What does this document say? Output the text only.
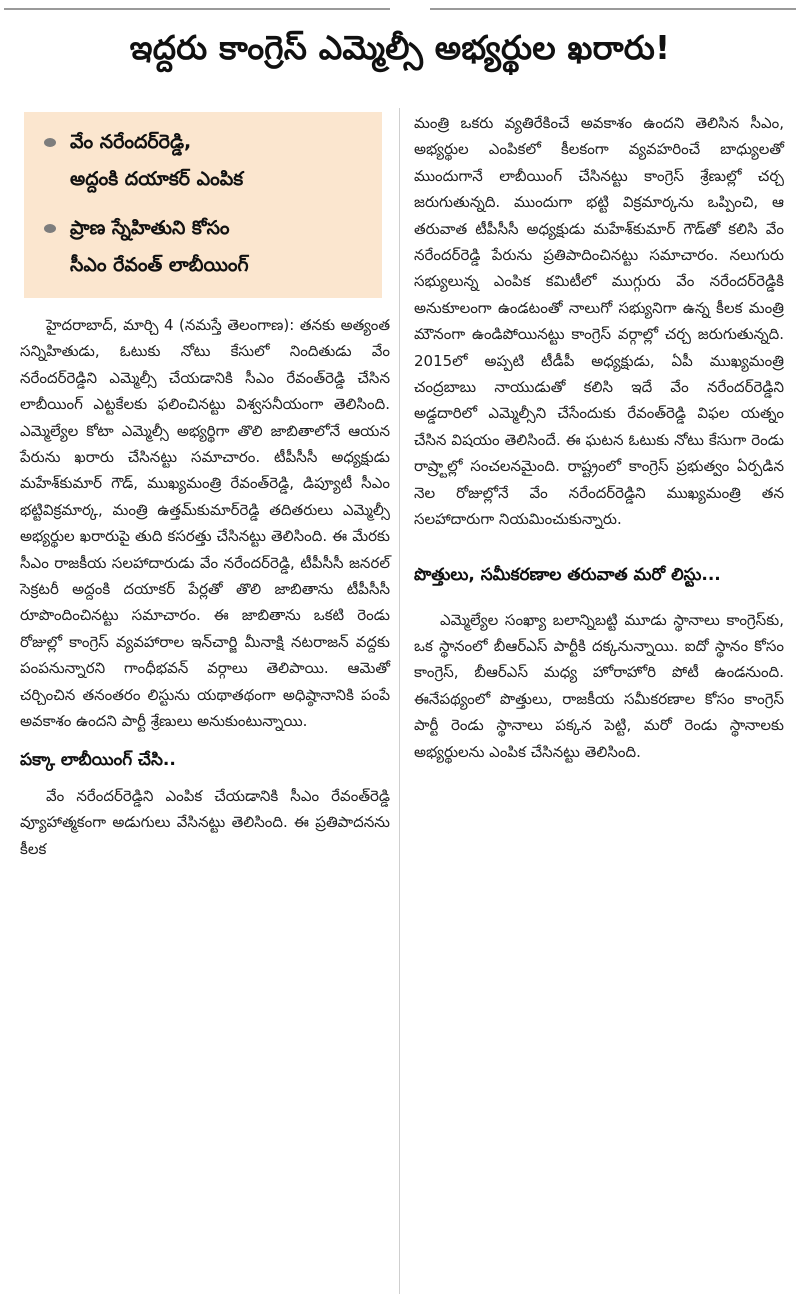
ఇద్దరు కాంగ్రెస్ ఎమ్మెల్సీ అభ్యర్థుల ఖరారు!
వేం నరేందర్‌రెడ్డి,
అద్దంకి దయాకర్ ఎంపిక
ప్రాణ స్నేహితుని కోసం
సీఎం రేవంత్ లాబీయింగ్

హైదరాబాద్, మార్చి 4 (నమస్తే తెలంగాణ): తనకు అత్యంత సన్నిహితుడు, ఓటుకు నోటు కేసులో నిందితుడు వేం నరేందర్‌రెడ్డిని ఎమ్మెల్సీ చేయడానికి సీఎం రేవంత్‌రెడ్డి చేసిన లాబీయింగ్ ఎట్టకేలకు ఫలించినట్టు విశ్వసనీయంగా తెలిసింది. ఎమ్మెల్యేల కోటా ఎమ్మెల్సీ అభ్యర్థిగా తొలి జాబితాలోనే ఆయన పేరును ఖరారు చేసినట్టు సమాచారం. టీపీసీసీ అధ్యక్షుడు మహేశ్‌కుమార్ గౌడ్, ముఖ్యమంత్రి రేవంత్‌రెడ్డి, డిప్యూటీ సీఎం భట్టివిక్రమార్క, మంత్రి ఉత్తమ్‌కుమార్‌రెడ్డి తదితరులు ఎమ్మెల్సీ అభ్యర్థుల ఖరారుపై తుది కసరత్తు చేసినట్టు తెలిసింది. ఈ మేరకు సీఎం రాజకీయ సలహాదారుడు వేం నరేందర్‌రెడ్డి, టీపీసీసీ జనరల్ సెక్రటరీ అద్దంకి దయాకర్ పేర్లతో తొలి జాబితాను టీపీసీసీ రూపొందించినట్టు సమాచారం. ఈ జాబితాను ఒకటి రెండు రోజుల్లో కాంగ్రెస్ వ్యవహారాల ఇన్‌చార్జి మీనాక్షి నటరాజన్ వద్దకు పంపనున్నారని గాంధీభవన్ వర్గాలు తెలిపాయి. ఆమెతో చర్చించిన తనంతరం లిస్టును యథాతథంగా అధిష్ఠానానికి పంపే అవకాశం ఉందని పార్టీ శ్రేణులు అనుకుంటున్నాయి.

పక్కా లాబీయింగ్ చేసి..

వేం నరేందర్‌రెడ్డిని ఎంపిక చేయడానికి సీఎం రేవంత్‌రెడ్డి వ్యూహాత్మకంగా అడుగులు వేసినట్టు తెలిసింది. ఈ ప్రతిపాదనను కీలక

మంత్రి ఒకరు వ్యతిరేకించే అవకాశం ఉందని తెలిసిన సీఎం, అభ్యర్థుల ఎంపికలో కీలకంగా వ్యవహరించే బాధ్యులతో ముందుగానే లాబీయింగ్ చేసినట్టు కాంగ్రెస్ శ్రేణుల్లో చర్చ జరుగుతున్నది. ముందుగా భట్టి విక్రమార్కను ఒప్పించి, ఆ తరువాత టీపీసీసీ అధ్యక్షుడు మహేశ్‌కుమార్ గౌడ్‌తో కలిసి వేం నరేందర్‌రెడ్డి పేరును ప్రతిపాదించినట్టు సమాచారం. నలుగురు సభ్యులున్న ఎంపిక కమిటీలో ముగ్గురు వేం నరేందర్‌రెడ్డికి అనుకూలంగా ఉండటంతో నాలుగో సభ్యునిగా ఉన్న కీలక మంత్రి మౌనంగా ఉండిపోయినట్టు కాంగ్రెస్ వర్గాల్లో చర్చ జరుగుతున్నది. 2015లో అప్పటి టీడీపీ అధ్యక్షుడు, ఏపీ ముఖ్యమంత్రి చంద్రబాబు నాయుడుతో కలిసి ఇదే వేం నరేందర్‌రెడ్డిని అడ్డదారిలో ఎమ్మెల్సీని చేసేందుకు రేవంత్‌రెడ్డి విఫల యత్నం చేసిన విషయం తెలిసిందే. ఈ ఘటన ఓటుకు నోటు కేసుగా రెండు రాష్ర్టాల్లో సంచలనమైంది. రాష్ట్రంలో కాంగ్రెస్ ప్రభుత్వం ఏర్పడిన నెల రోజుల్లోనే వేం నరేందర్‌రెడ్డిని ముఖ్యమంత్రి తన సలహాదారుగా నియమించుకున్నారు.

పొత్తులు, సమీకరణాల తరువాత మరో లిస్టు...

ఎమ్మెల్యేల సంఖ్యా బలాన్నిబట్టి మూడు స్థానాలు కాంగ్రెస్‌కు, ఒక స్థానంలో బీఆర్‌ఎస్ పార్టీకి దక్కనున్నాయి. ఐదో స్థానం కోసం కాంగ్రెస్, బీఆర్‌ఎస్ మధ్య హోరాహోరి పోటీ ఉండనుంది. ఈనేపథ్యంలో పొత్తులు, రాజకీయ సమీకరణాల కోసం కాంగ్రెస్ పార్టీ రెండు స్థానాలు పక్కన పెట్టి, మరో రెండు స్థానాలకు అభ్యర్థులను ఎంపిక చేసినట్టు తెలిసింది.
